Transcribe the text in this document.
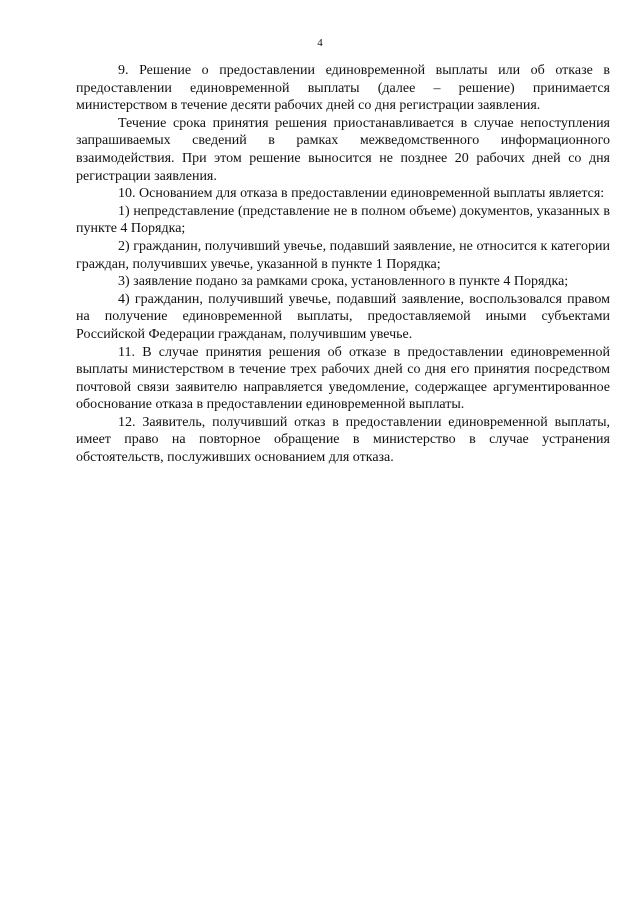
4

9. Решение о предоставлении единовременной выплаты или об отказе в предоставлении единовременной выплаты (далее – решение) принимается министерством в течение десяти рабочих дней со дня регистрации заявления.

Течение срока принятия решения приостанавливается в случае непоступления запрашиваемых сведений в рамках межведомственного информационного взаимодействия. При этом решение выносится не позднее 20 рабочих дней со дня регистрации заявления.

10. Основанием для отказа в предоставлении единовременной выплаты является:

1) непредставление (представление не в полном объеме) документов, указанных в пункте 4 Порядка;

2) гражданин, получивший увечье, подавший заявление, не относится к категории граждан, получивших увечье, указанной в пункте 1 Порядка;

3) заявление подано за рамками срока, установленного в пункте 4 Порядка;

4) гражданин, получивший увечье, подавший заявление, воспользовался правом на получение единовременной выплаты, предоставляемой иными субъектами Российской Федерации гражданам, получившим увечье.

11. В случае принятия решения об отказе в предоставлении единовременной выплаты министерством в течение трех рабочих дней со дня его принятия посредством почтовой связи заявителю направляется уведомление, содержащее аргументированное обоснование отказа в предоставлении единовременной выплаты.

12. Заявитель, получивший отказ в предоставлении единовременной выплаты, имеет право на повторное обращение в министерство в случае устранения обстоятельств, послуживших основанием для отказа.
